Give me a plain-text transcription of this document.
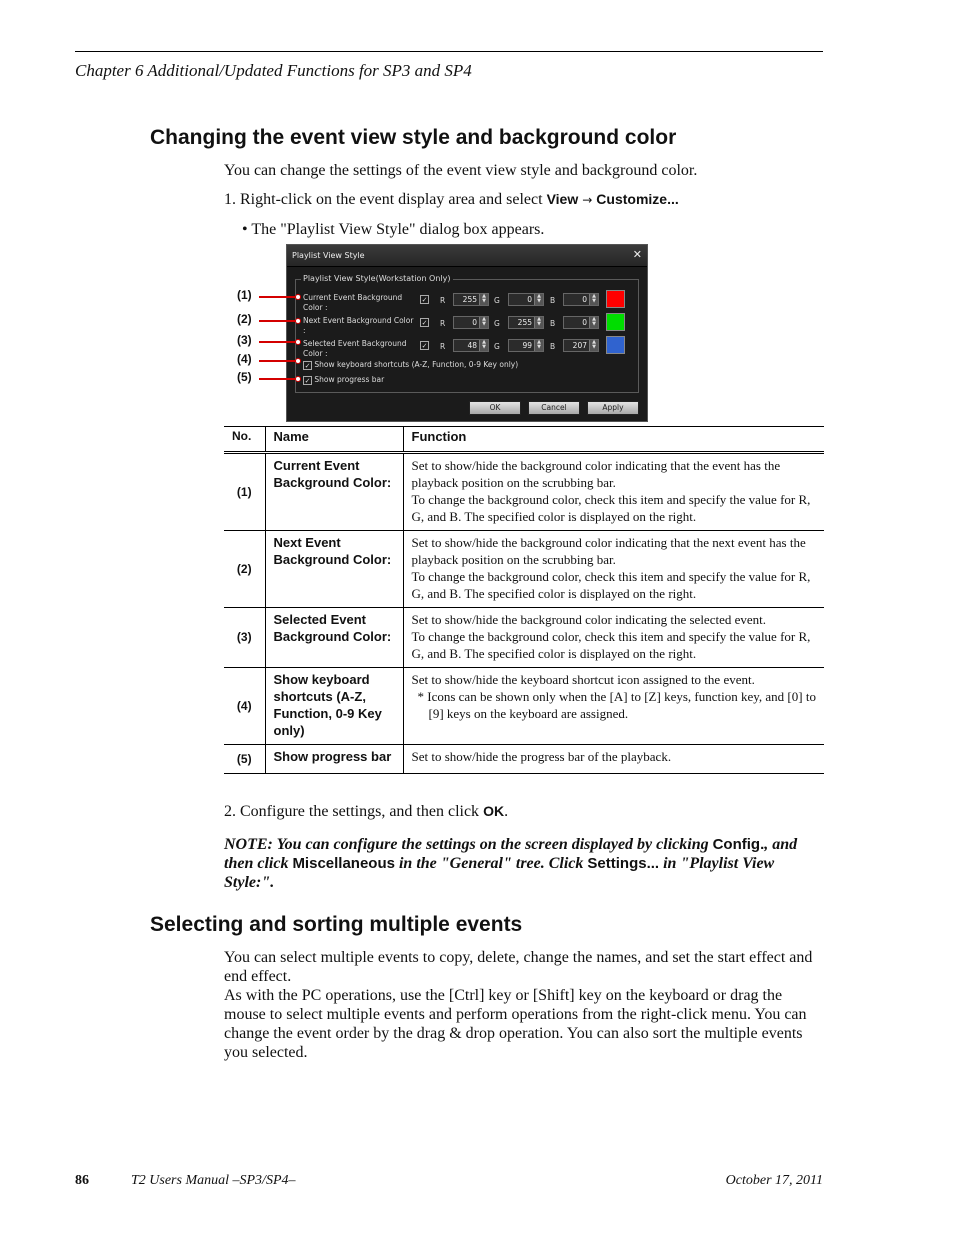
Chapter 6 Additional/Updated Functions for SP3 and SP4
Changing the event view style and background color
You can change the settings of the event view style and background color.
1. Right-click on the event display area and select View → Customize...
• The "Playlist View Style" dialog box appears.
Playlist View Style	✕
Playlist View Style(Workstation Only)
Current Event Background Color :
✓ R	255	▲
▼ G	0	▲
▼ B	0	▲
▼
Next Event Background Color :
✓ R	0	▲
▼ G	255	▲
▼ B	0	▲
▼
Selected Event Background Color :
✓ R	48	▲
▼ G	99	▲
▼ B	207	▲
▼
✓ Show keyboard shortcuts (A-Z, Function, 0-9 Key only)
✓ Show progress bar
OK	Cancel	Apply
(1)
(2)
(3)
(4)
(5)
No.	Name	Function
(1)	Current Event Background Color:	Set to show/hide the background color indicating that the event has the playback position on the scrubbing bar.
To change the background color, check this item and specify the value for R, G, and B. The specified color is displayed on the right.

(2)	Next Event Background Color:	Set to show/hide the background color indicating that the next event has the playback position on the scrubbing bar.
To change the background color, check this item and specify the value for R, G, and B. The specified color is displayed on the right.

(3)	Selected Event Background Color:	Set to show/hide the background color indicating the selected event.
To change the background color, check this item and specify the value for R, G, and B. The specified color is displayed on the right.

(4)	Show keyboard shortcuts (A-Z, Function, 0-9 Key only)	Set to show/hide the keyboard shortcut icon assigned to the event.
* Icons can be shown only when the [A] to [Z] keys, function key, and [0] to [9] keys on the keyboard are assigned.

(5)	Show progress bar	Set to show/hide the progress bar of the playback.
2. Configure the settings, and then click OK.
NOTE: You can configure the settings on the screen displayed by clicking Config., and then click Miscellaneous in the "General" tree. Click Settings... in "Playlist View Style:".
Selecting and sorting multiple events
You can select multiple events to copy, delete, change the names, and set the start effect and end effect.
As with the PC operations, use the [Ctrl] key or [Shift] key on the keyboard or drag the mouse to select multiple events and perform operations from the right-click menu. You can change the event order by the drag & drop operation. You can also sort the multiple events you selected.
86	T2 Users Manual –SP3/SP4–	October 17, 2011
